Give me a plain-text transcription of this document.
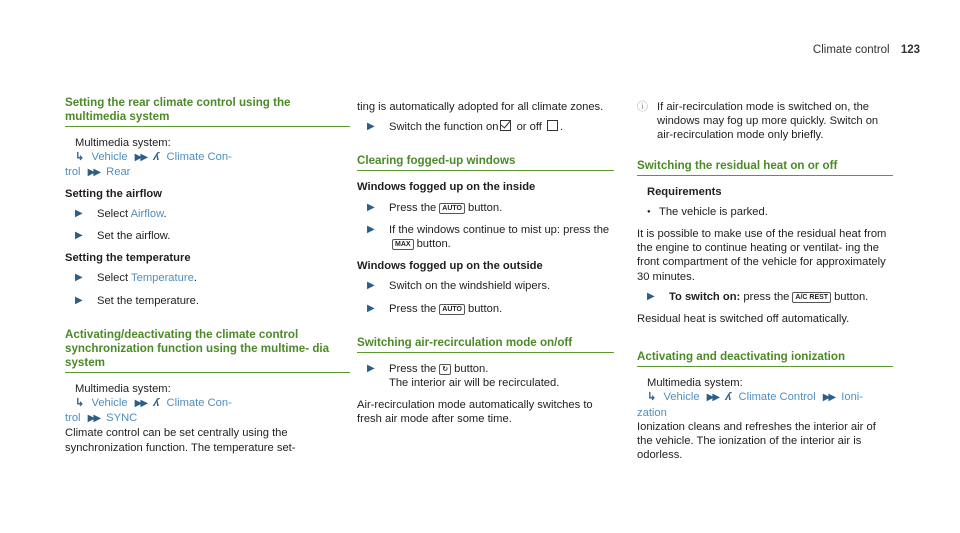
Climate control 123
Setting the rear climate control using the multimedia system
Multimedia system:
↳ Vehicle ▶▶ ʎ Climate Con-
trol ▶▶ Rear
Setting the airflow
▶	Select Airflow.
▶	Set the airflow.
Setting the temperature
▶	Select Temperature.
▶	Set the temperature.
Activating/deactivating the climate control synchronization function using the multime- dia system
Multimedia system:
↳ Vehicle ▶▶ ʎ Climate Con-
trol ▶▶ SYNC
Climate control can be set centrally using the synchronization function. The temperature set-

ting is automatically adopted for all climate zones.

▶	Switch the function on or off .
Clearing fogged-up windows
Windows fogged up on the inside
▶	Press the AUTO button.
▶	If the windows continue to mist up: press the
MAX button.
Windows fogged up on the outside
▶	Switch on the windshield wipers.
▶	Press the AUTO button.
Switching air-recirculation mode on/off
▶	Press the ↻ button.
The interior air will be recirculated.
Air-recirculation mode automatically switches to fresh air mode after some time.
ⓘ If air-recirculation mode is switched on, the windows may fog up more quickly. Switch on air-recirculation mode only briefly.
Switching the residual heat on or off
Requirements
● The vehicle is parked.

It is possible to make use of the residual heat from the engine to continue heating or ventilat- ing the front compartment of the vehicle for approximately 30 minutes.

▶	To switch on: press the A/C REST button.

Residual heat is switched off automatically.

Activating and deactivating ionization
Multimedia system:
↳ Vehicle ▶▶ ʎ Climate Control ▶▶ Ioni-
zation
Ionization cleans and refreshes the interior air of the vehicle. The ionization of the interior air is odorless.
